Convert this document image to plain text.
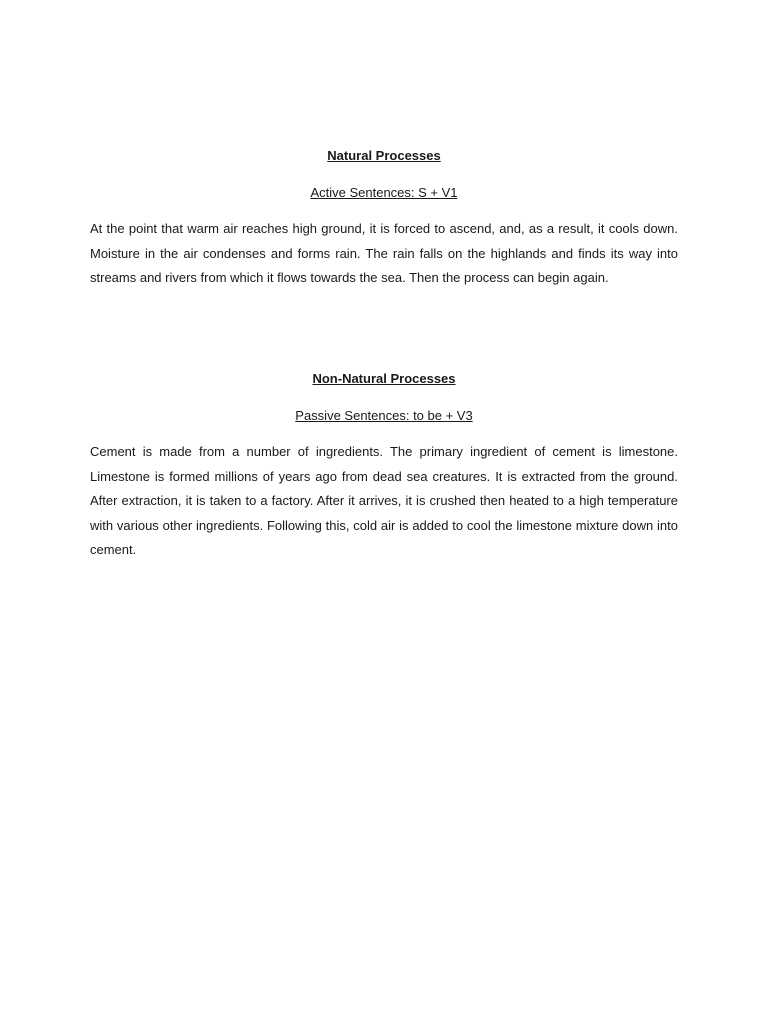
Natural Processes

Active Sentences: S + V1

At the point that warm air reaches high ground, it is forced to ascend, and, as a result, it cools down. Moisture in the air condenses and forms rain. The rain falls on the highlands and finds its way into streams and rivers from which it flows towards the sea. Then the process can begin again.

Non-Natural Processes

Passive Sentences: to be + V3

Cement is made from a number of ingredients. The primary ingredient of cement is limestone. Limestone is formed millions of years ago from dead sea creatures. It is extracted from the ground. After extraction, it is taken to a factory. After it arrives, it is crushed then heated to a high temperature with various other ingredients. Following this, cold air is added to cool the limestone mixture down into cement.
